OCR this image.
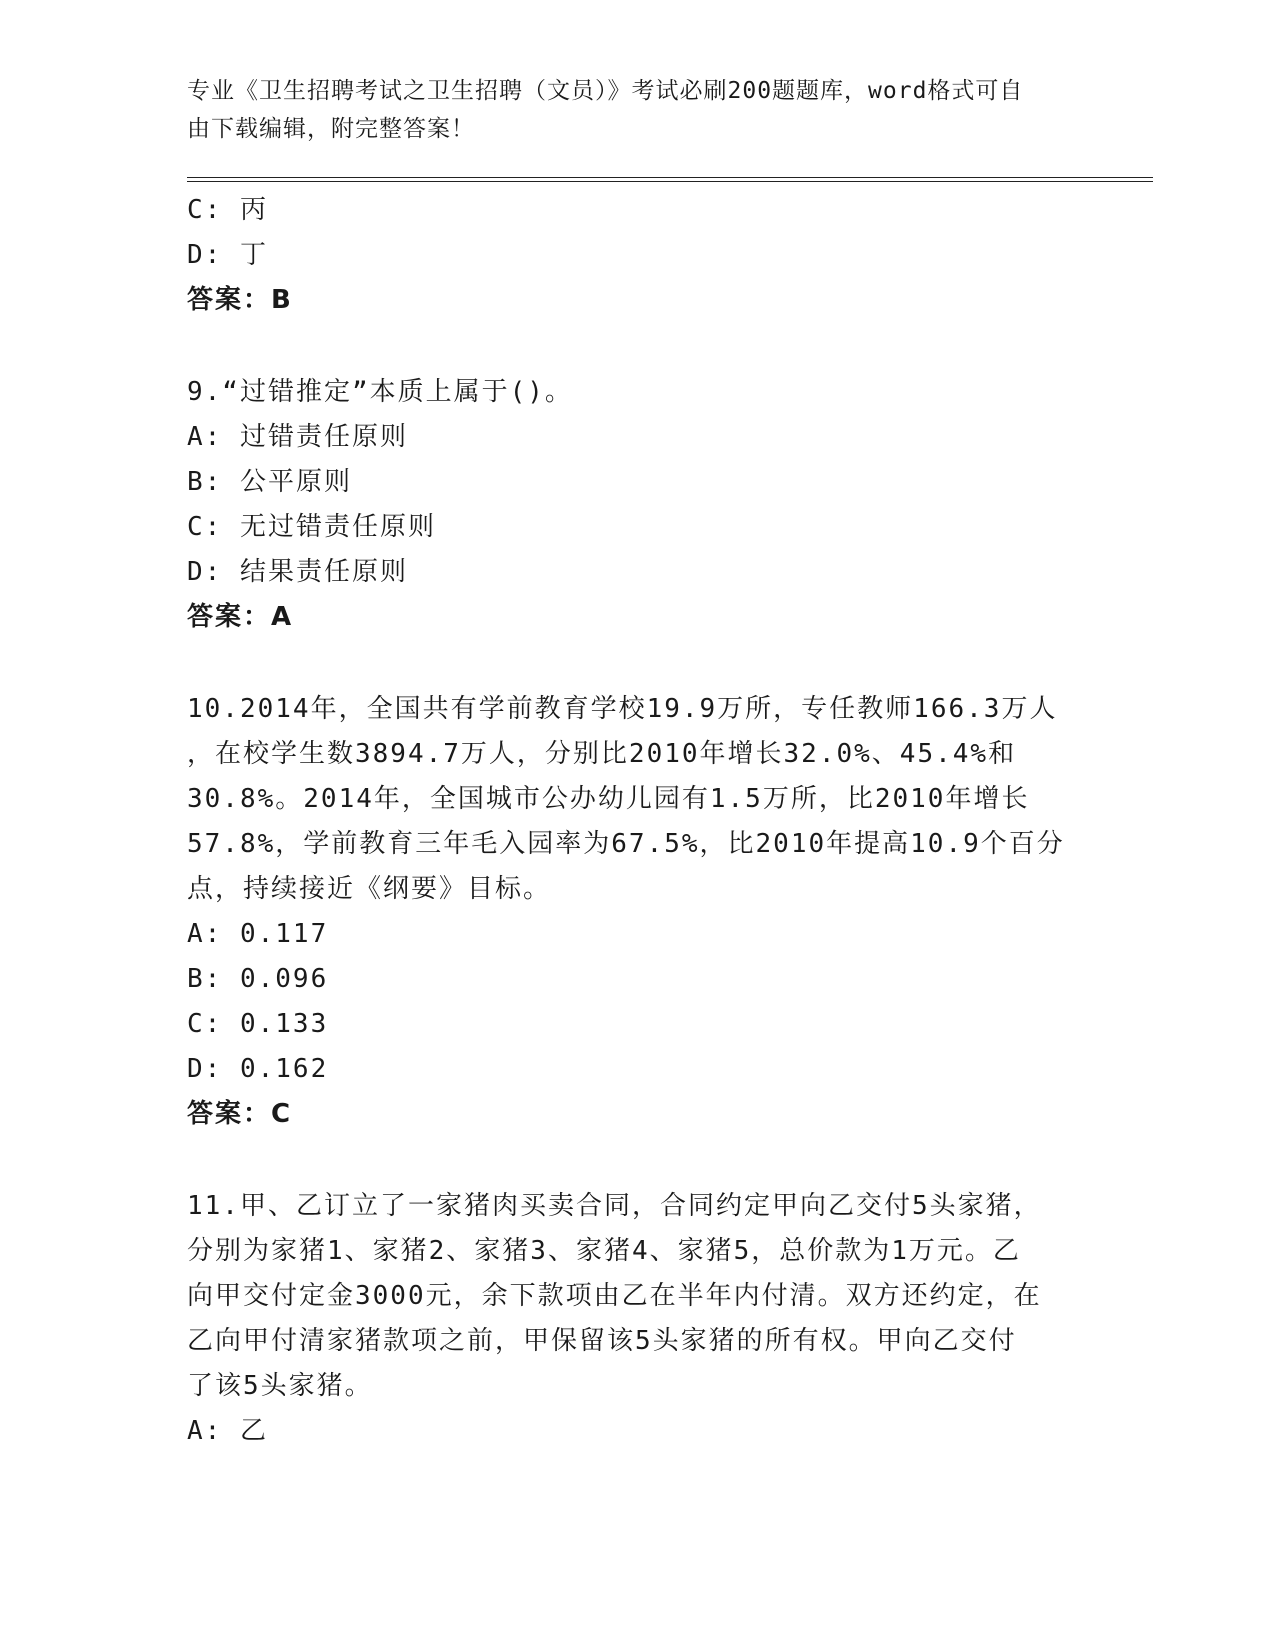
专业《卫生招聘考试之卫生招聘（文员）》考试必刷200题题库，word格式可自
由下载编辑，附完整答案！
C: 丙
D: 丁
答案：B
9.“过错推定”本质上属于()。
A: 过错责任原则
B: 公平原则
C: 无过错责任原则
D: 结果责任原则
答案：A
10.2014年，全国共有学前教育学校19.9万所，专任教师166.3万人
，在校学生数3894.7万人，分别比2010年增长32.0%、45.4%和
30.8%。2014年，全国城市公办幼儿园有1.5万所，比2010年增长
57.8%，学前教育三年毛入园率为67.5%，比2010年提高10.9个百分
点，持续接近《纲要》目标。
A: 0.117
B: 0.096
C: 0.133
D: 0.162
答案：C
11.甲、乙订立了一家猪肉买卖合同，合同约定甲向乙交付5头家猪，
分别为家猪1、家猪2、家猪3、家猪4、家猪5，总价款为1万元。乙
向甲交付定金3000元，余下款项由乙在半年内付清。双方还约定，在
乙向甲付清家猪款项之前，甲保留该5头家猪的所有权。甲向乙交付
了该5头家猪。
A: 乙
